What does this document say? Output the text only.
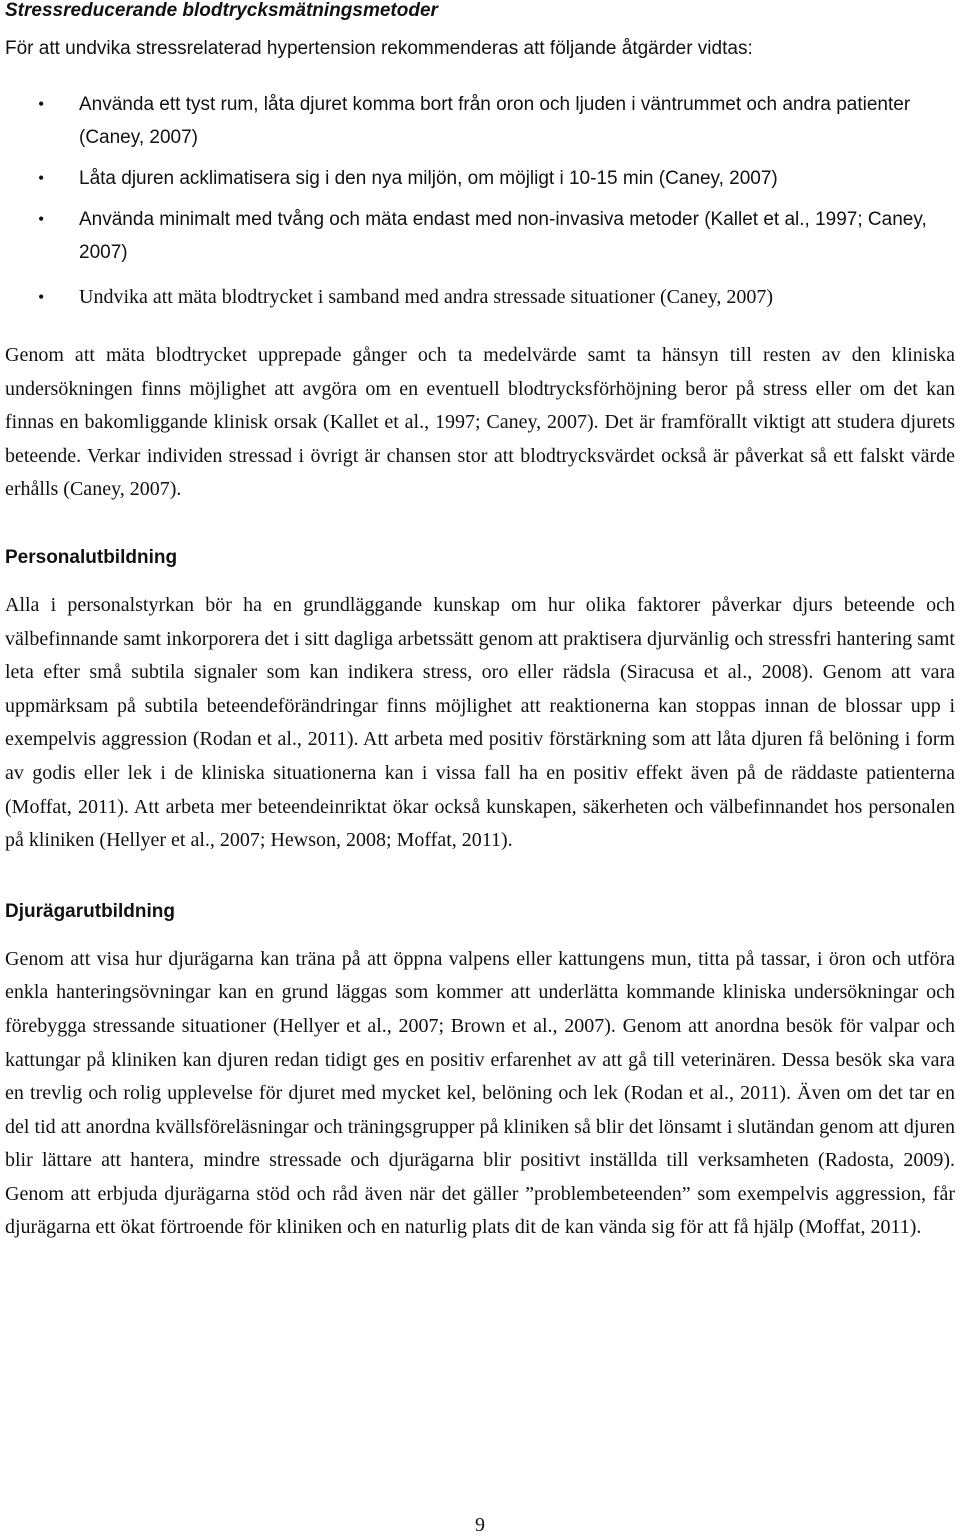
Stressreducerande blodtrycksmätningsmetoder

För att undvika stressrelaterad hypertension rekommenderas att följande åtgärder vidtas:

• Använda ett tyst rum, låta djuret komma bort från oron och ljuden i väntrummet och andra patienter (Caney, 2007)
• Låta djuren acklimatisera sig i den nya miljön, om möjligt i 10-15 min (Caney, 2007)
• Använda minimalt med tvång och mäta endast med non-invasiva metoder (Kallet et al., 1997; Caney, 2007)
• Undvika att mäta blodtrycket i samband med andra stressade situationer (Caney, 2007)

Genom att mäta blodtrycket upprepade gånger och ta medelvärde samt ta hänsyn till resten av den kliniska undersökningen finns möjlighet att avgöra om en eventuell blodtrycksförhöjning beror på stress eller om det kan finnas en bakomliggande klinisk orsak (Kallet et al., 1997; Caney, 2007). Det är framförallt viktigt att studera djurets beteende. Verkar individen stressad i övrigt är chansen stor att blodtrycksvärdet också är påverkat så ett falskt värde erhålls (Caney, 2007).

Personalutbildning

Alla i personalstyrkan bör ha en grundläggande kunskap om hur olika faktorer påverkar djurs beteende och välbefinnande samt inkorporera det i sitt dagliga arbetssätt genom att praktisera djurvänlig och stressfri hantering samt leta efter små subtila signaler som kan indikera stress, oro eller rädsla (Siracusa et al., 2008). Genom att vara uppmärksam på subtila beteendeförändringar finns möjlighet att reaktionerna kan stoppas innan de blossar upp i exempelvis aggression (Rodan et al., 2011). Att arbeta med positiv förstärkning som att låta djuren få belöning i form av godis eller lek i de kliniska situationerna kan i vissa fall ha en positiv effekt även på de räddaste patienterna (Moffat, 2011). Att arbeta mer beteendeinriktat ökar också kunskapen, säkerheten och välbefinnandet hos personalen på kliniken (Hellyer et al., 2007; Hewson, 2008; Moffat, 2011).

Djurägarutbildning

Genom att visa hur djurägarna kan träna på att öppna valpens eller kattungens mun, titta på tassar, i öron och utföra enkla hanteringsövningar kan en grund läggas som kommer att underlätta kommande kliniska undersökningar och förebygga stressande situationer (Hellyer et al., 2007; Brown et al., 2007). Genom att anordna besök för valpar och kattungar på kliniken kan djuren redan tidigt ges en positiv erfarenhet av att gå till veterinären. Dessa besök ska vara en trevlig och rolig upplevelse för djuret med mycket kel, belöning och lek (Rodan et al., 2011). Även om det tar en del tid att anordna kvällsföreläsningar och träningsgrupper på kliniken så blir det lönsamt i slutändan genom att djuren blir lättare att hantera, mindre stressade och djurägarna blir positivt inställda till verksamheten (Radosta, 2009). Genom att erbjuda djurägarna stöd och råd även när det gäller ”problembeteenden” som exempelvis aggression, får djurägarna ett ökat förtroende för kliniken och en naturlig plats dit de kan vända sig för att få hjälp (Moffat, 2011).

9
